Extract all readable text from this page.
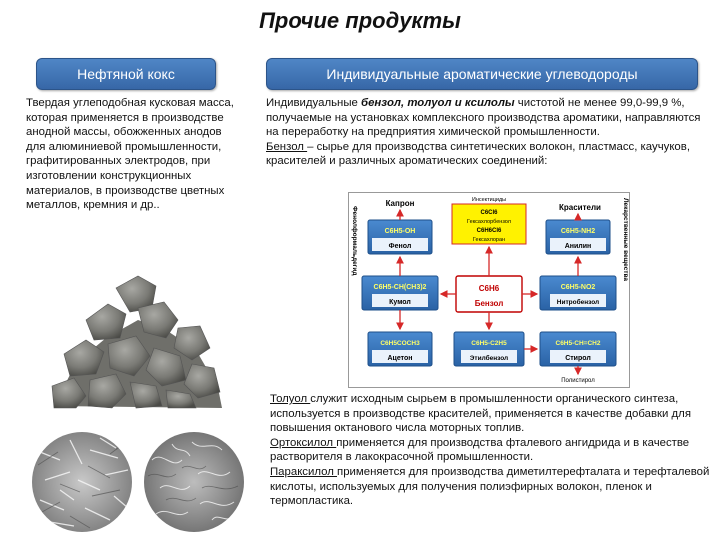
Прочие продукты
Нефтяной кокс	Индивидуальные ароматические углеводороды
Твердая углеподобная кусковая масса, которая применяется в производстве анодной массы, обожженных анодов для алюминиевой промышленности, графитированных электродов, при изготовлении конструкционных материалов, в производстве цветных металлов, кремния и др..
Индивидуальные бензол, толуол и ксилолы чистотой не менее 99,0-99,9 %, получаемые на установках комплексного производства ароматики, направляются на переработку на предприятия химической промышленности.
Бензол – сырье для производства синтетических волокон, пластмасс, каучуков, красителей и различных ароматических соединений:
Капрон	Красители
Инсектициды
C6Cl6
Гексахлорбензол
C6H6Cl6
Гексахлоран
C6H5-OH
Фенол
C6H5-NH2
Анилин
C6H5-CH(CH3)2
Кумол
C6H6
Бензол
C6H5-NO2
Нитробензол
C6H5COCH3
Ацетон
C6H5-C2H5
Этилбензол
C6H5-CH=CH2
Стирол
Полистирол
Фенолформальдегид	Лекарственные вещества
Толуол служит исходным сырьем в промышленности органического синтеза, используется в производстве красителей, применяется в качестве добавки для повышения октанового числа моторных топлив.
Ортоксилол применяется для производства фталевого ангидрида и в качестве растворителя в лакокрасочной промышленности.
Параксилол применяется для производства диметилтерефталата и терефталевой кислоты, используемых для получения полиэфирных волокон, пленок и термопластика.
